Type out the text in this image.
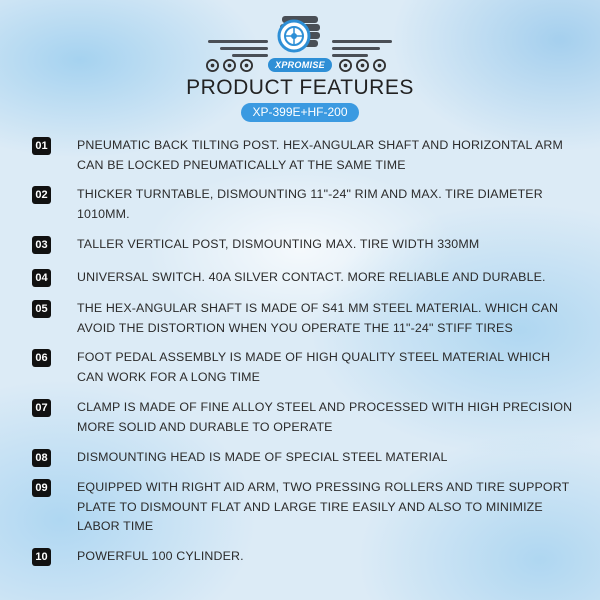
XPROMISE
PRODUCT FEATURES
XP-399E+HF-200
01 PNEUMATIC BACK TILTING POST. HEX-ANGULAR SHAFT AND HORIZONTAL ARM
CAN BE LOCKED PNEUMATICALLY AT THE SAME TIME
02 THICKER TURNTABLE, DISMOUNTING 11"-24" RIM AND MAX. TIRE DIAMETER
1010MM.
03 TALLER VERTICAL POST, DISMOUNTING MAX. TIRE WIDTH 330MM
04 UNIVERSAL SWITCH. 40A SILVER CONTACT. MORE RELIABLE AND DURABLE.
05 THE HEX-ANGULAR SHAFT IS MADE OF S41 MM STEEL MATERIAL. WHICH CAN
AVOID THE DISTORTION WHEN YOU OPERATE THE 11"-24" STIFF TIRES
06 FOOT PEDAL ASSEMBLY IS MADE OF HIGH QUALITY STEEL MATERIAL WHICH
CAN WORK FOR A LONG TIME
07 CLAMP IS MADE OF FINE ALLOY STEEL AND PROCESSED WITH HIGH PRECISION
MORE SOLID AND DURABLE TO OPERATE
08 DISMOUNTING HEAD IS MADE OF SPECIAL STEEL MATERIAL
09 EQUIPPED WITH RIGHT AID ARM, TWO PRESSING ROLLERS AND TIRE SUPPORT
PLATE TO DISMOUNT FLAT AND LARGE TIRE EASILY AND ALSO TO MINIMIZE
LABOR TIME
10 POWERFUL 100 CYLINDER.
